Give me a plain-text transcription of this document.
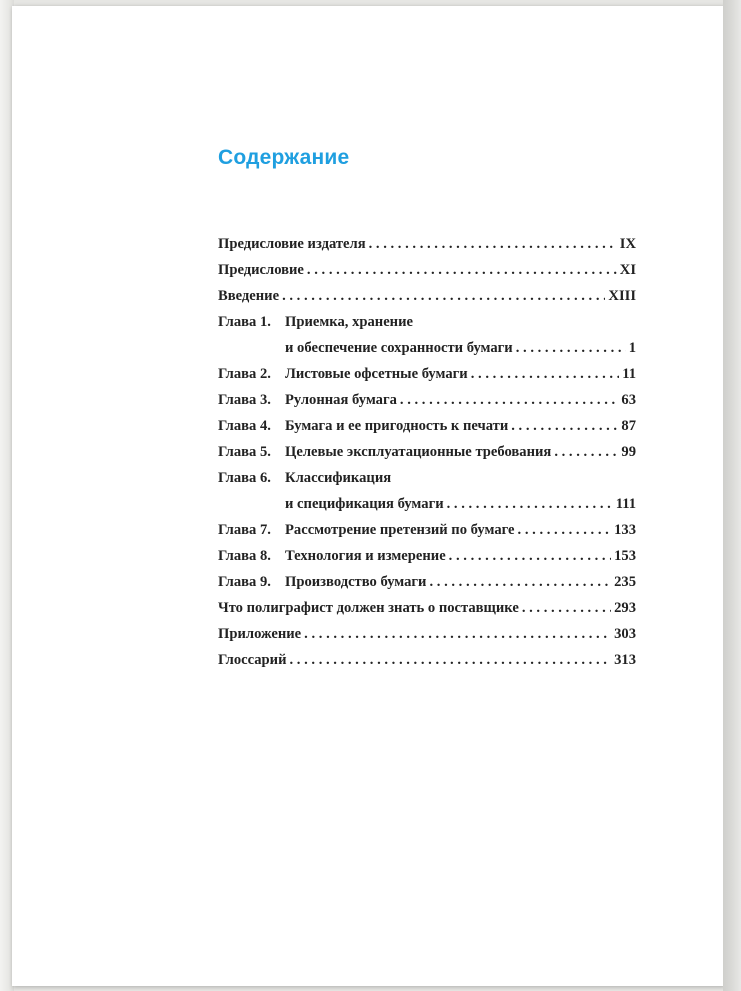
Содержание
Предисловие издателя . . .	IX
Предисловие . . .	XI
Введение . . .	XIII
Глава 1. Приемка, хранение
и обеспечение сохранности бумаги . . .	1
Глава 2. Листовые офсетные бумаги . . .	11
Глава 3. Рулонная бумага . . .	63
Глава 4. Бумага и ее пригодность к печати . . .	87
Глава 5. Целевые эксплуатационные требования . . .	99
Глава 6. Классификация
и спецификация бумаги . . .	111
Глава 7. Рассмотрение претензий по бумаге . . .	133
Глава 8. Технология и измерение . . .	153
Глава 9. Производство бумаги . . .	235
Что полиграфист должен знать о поставщике . . .	293
Приложение . . .	303
Глоссарий . . .	313
